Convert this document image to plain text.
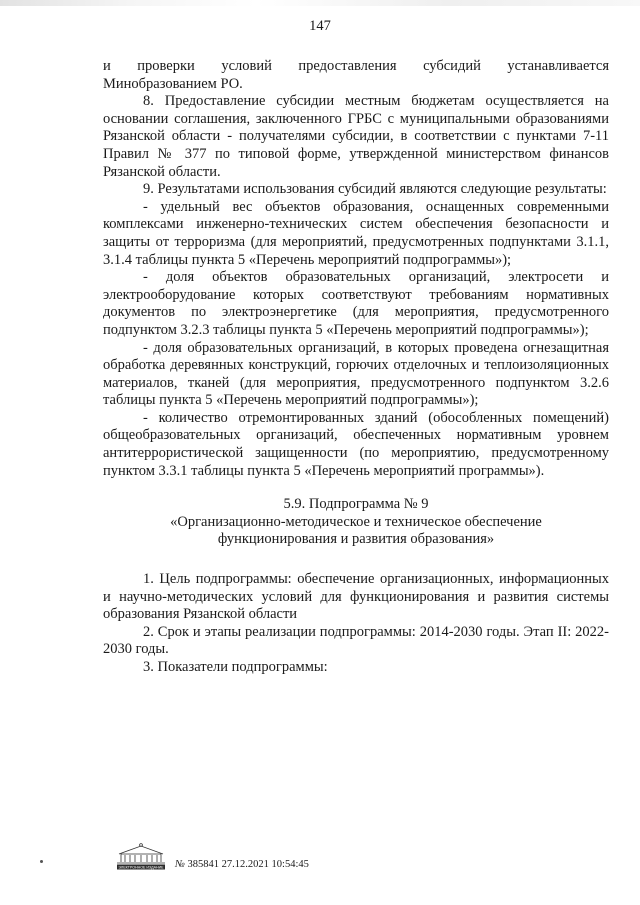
147

и проверки условий предоставления субсидий устанавливается Минобразованием РО.

8. Предоставление субсидии местным бюджетам осуществляется на основании соглашения, заключенного ГРБС с муниципальными образованиями Рязанской области - получателями субсидии, в соответствии с пунктами 7-11 Правил № 377 по типовой форме, утвержденной министерством финансов Рязанской области.

9. Результатами использования субсидий являются следующие результаты:

- удельный вес объектов образования, оснащенных современными комплексами инженерно-технических систем обеспечения безопасности и защиты от терроризма (для мероприятий, предусмотренных подпунктами 3.1.1, 3.1.4 таблицы пункта 5 «Перечень мероприятий подпрограммы»);

- доля объектов образовательных организаций, электросети и электрооборудование которых соответствуют требованиям нормативных документов по электроэнергетике (для мероприятия, предусмотренного подпунктом 3.2.3 таблицы пункта 5 «Перечень мероприятий подпрограммы»);

- доля образовательных организаций, в которых проведена огнезащитная обработка деревянных конструкций, горючих отделочных и теплоизоляционных материалов, тканей (для мероприятия, предусмотренного подпунктом 3.2.6 таблицы пункта 5 «Перечень мероприятий подпрограммы»);

- количество отремонтированных зданий (обособленных помещений) общеобразовательных организаций, обеспеченных нормативным уровнем антитеррористической защищенности (по мероприятию, предусмотренному пунктом 3.3.1 таблицы пункта 5 «Перечень мероприятий программы»).

5.9. Подпрограмма № 9

«Организационно-методическое и техническое обеспечение функционирования и развития образования»

1. Цель подпрограммы: обеспечение организационных, информационных и научно-методических условий для функционирования и развития системы образования Рязанской области

2. Срок и этапы реализации подпрограммы: 2014-2030 годы. Этап II: 2022-2030 годы.

3. Показатели подпрограммы:

ЭЛЕКТРОННОЕ ИЗДАНИЕ № 385841 27.12.2021 10:54:45
